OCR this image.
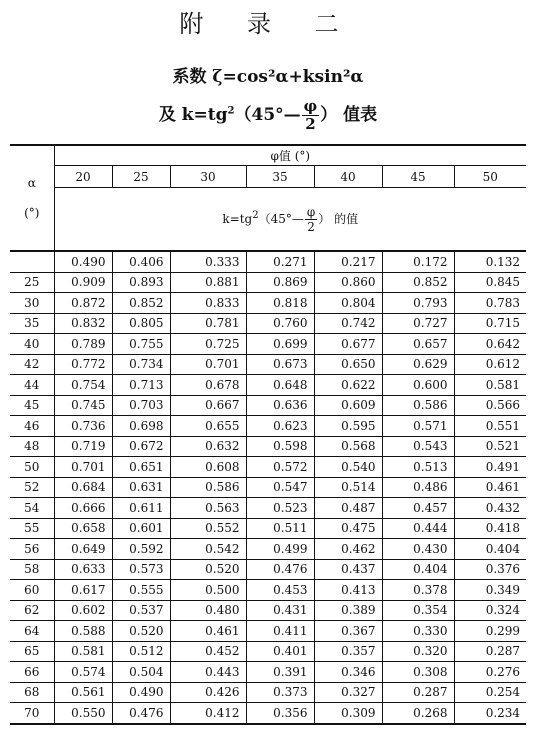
附 录 二
系数 ζ=cos²α+ksin²α
及 $k=tg^2(45^\circ— \frac{\varphi}{2}$ ） 值表
α
(°)	φ值 (°)						
	20	25	30	35	40	45	50
	$k=tg^2(45^\circ— \frac{\varphi}{2}$ ） 的值						
	0.490	0.406	0.333	0.271	0.217	0.172	0.132
25	0.909	0.893	0.881	0.869	0.860	0.852	0.845
30	0.872	0.852	0.833	0.818	0.804	0.793	0.783
35	0.832	0.805	0.781	0.760	0.742	0.727	0.715
40	0.789	0.755	0.725	0.699	0.677	0.657	0.642
42	0.772	0.734	0.701	0.673	0.650	0.629	0.612
44	0.754	0.713	0.678	0.648	0.622	0.600	0.581
45	0.745	0.703	0.667	0.636	0.609	0.586	0.566
46	0.736	0.698	0.655	0.623	0.595	0.571	0.551
48	0.719	0.672	0.632	0.598	0.568	0.543	0.521
50	0.701	0.651	0.608	0.572	0.540	0.513	0.491
52	0.684	0.631	0.586	0.547	0.514	0.486	0.461
54	0.666	0.611	0.563	0.523	0.487	0.457	0.432
55	0.658	0.601	0.552	0.511	0.475	0.444	0.418
56	0.649	0.592	0.542	0.499	0.462	0.430	0.404
58	0.633	0.573	0.520	0.476	0.437	0.404	0.376
60	0.617	0.555	0.500	0.453	0.413	0.378	0.349
62	0.602	0.537	0.480	0.431	0.389	0.354	0.324
64	0.588	0.520	0.461	0.411	0.367	0.330	0.299
65	0.581	0.512	0.452	0.401	0.357	0.320	0.287
66	0.574	0.504	0.443	0.391	0.346	0.308	0.276
68	0.561	0.490	0.426	0.373	0.327	0.287	0.254
70	0.550	0.476	0.412	0.356	0.309	0.268	0.234
